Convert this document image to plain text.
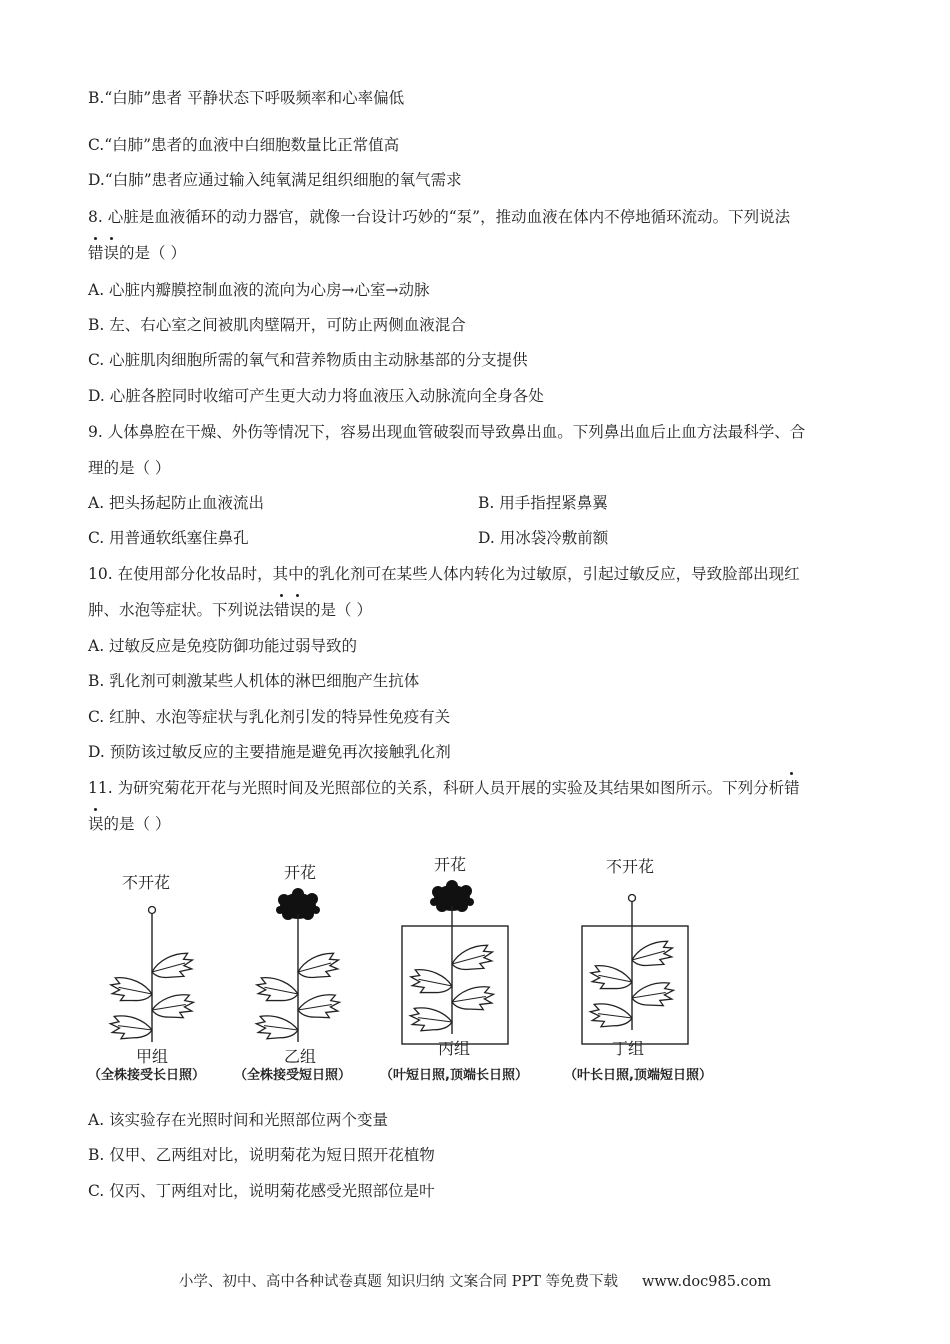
B.“白肺”患者 平静状态下呼吸频率和心率偏低
C.“白肺”患者的血液中白细胞数量比正常值高
D.“白肺”患者应通过输入纯氧满足组织细胞的氧气需求
8. 心脏是血液循环的动力器官，就像一台设计巧妙的“泵”，推动血液在体内不停地循环流动。下列说法
错误的是（ ）
A. 心脏内瓣膜控制血液的流向为心房→心室→动脉
B. 左、右心室之间被肌肉壁隔开，可防止两侧血液混合
C. 心脏肌肉细胞所需的氧气和营养物质由主动脉基部的分支提供
D. 心脏各腔同时收缩可产生更大动力将血液压入动脉流向全身各处
9. 人体鼻腔在干燥、外伤等情况下，容易出现血管破裂而导致鼻出血。下列鼻出血后止血方法最科学、合
理的是（ ）
A. 把头扬起防止血液流出	B. 用手指捏紧鼻翼
C. 用普通软纸塞住鼻孔	D. 用冰袋冷敷前额
10. 在使用部分化妆品时，其中的乳化剂可在某些人体内转化为过敏原，引起过敏反应，导致脸部出现红
肿、水泡等症状。下列说法错误的是（ ）
A. 过敏反应是免疫防御功能过弱导致的
B. 乳化剂可刺激某些人机体的淋巴细胞产生抗体
C. 红肿、水泡等症状与乳化剂引发的特异性免疫有关
D. 预防该过敏反应的主要措施是避免再次接触乳化剂
11. 为研究菊花开花与光照时间及光照部位的关系，科研人员开展的实验及其结果如图所示。下列分析错
误的是（ ）
不开花
开花	开花	不开花
甲组	乙组	丙组	丁组
（全株接受长日照） （全株接受短日照） （叶短日照,顶端长日照）	（叶长日照,顶端短日照）
A. 该实验存在光照时间和光照部位两个变量
B. 仅甲、乙两组对比，说明菊花为短日照开花植物
C. 仅丙、丁两组对比，说明菊花感受光照部位是叶
小学、初中、高中各种试卷真题 知识归纳 文案合同 PPT 等免费下载 www.doc985.com
